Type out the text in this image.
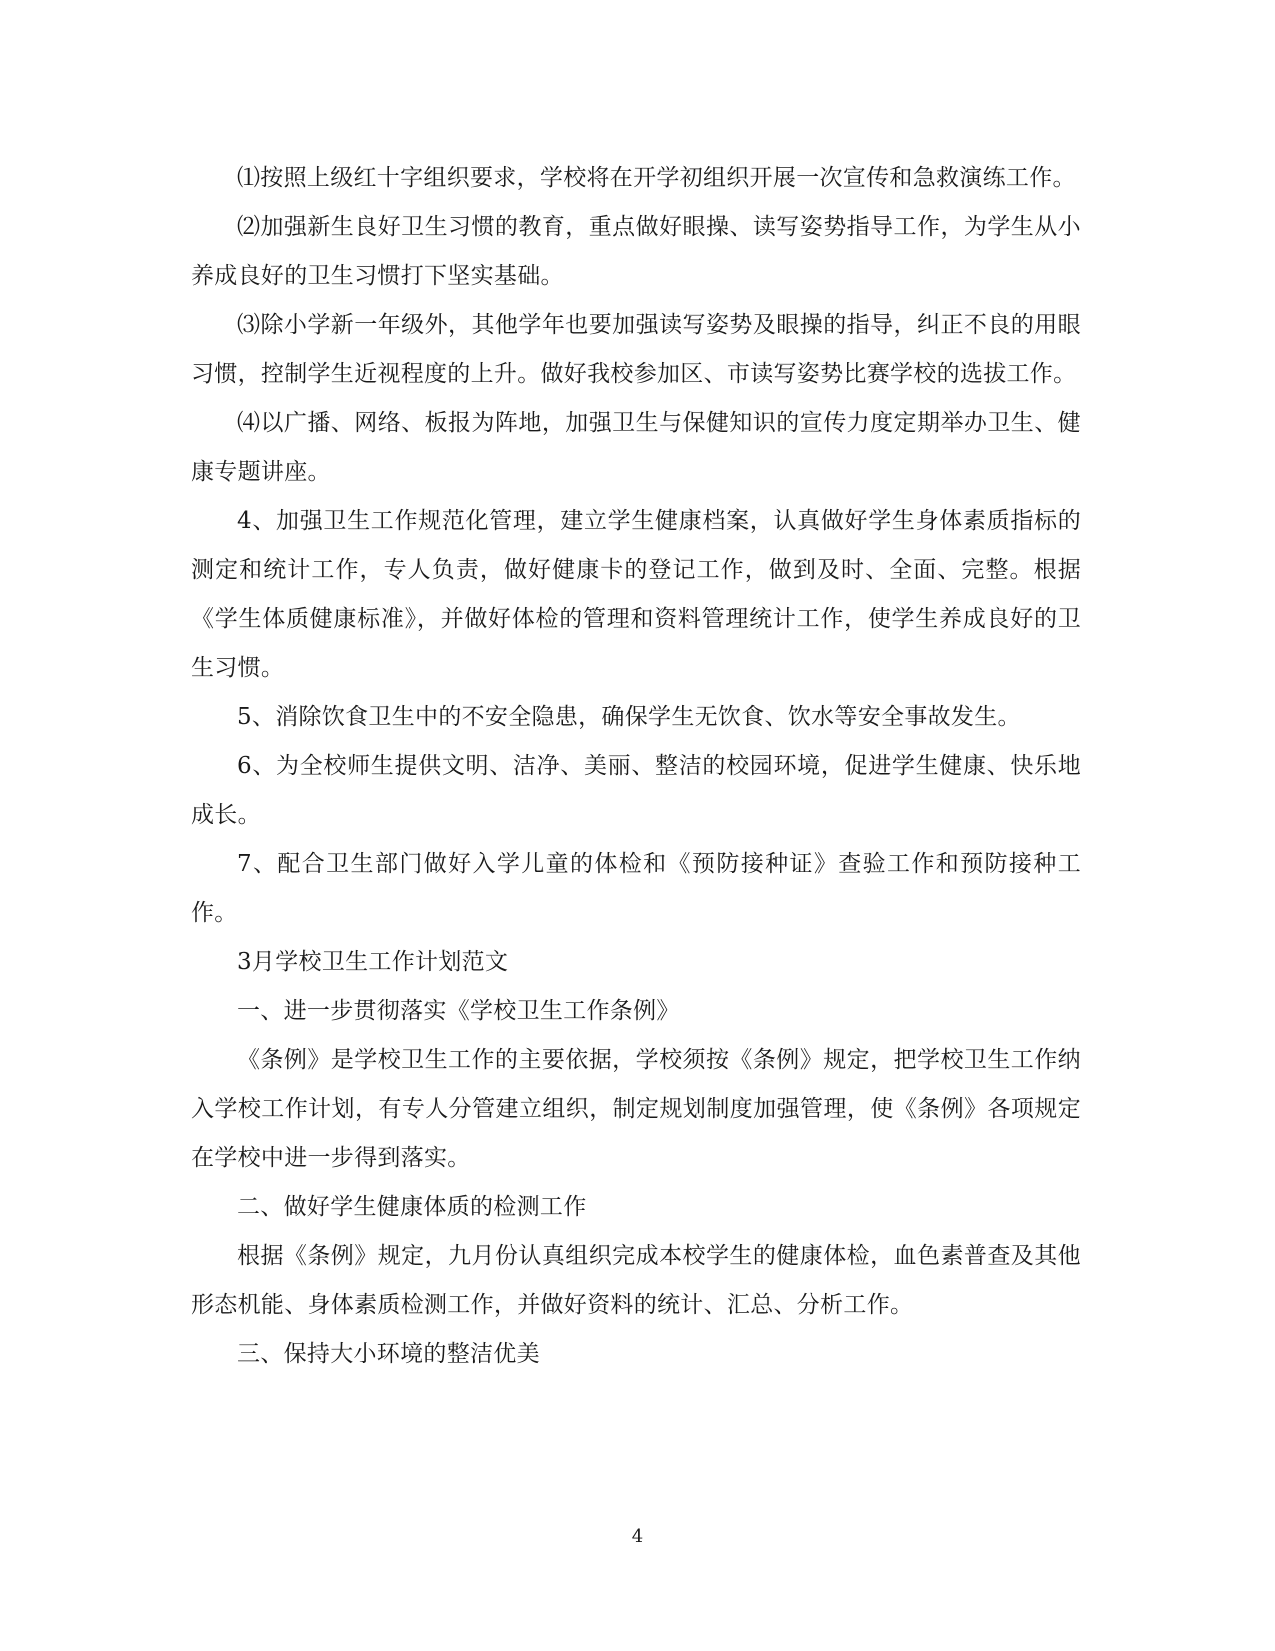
⑴按照上级红十字组织要求，学校将在开学初组织开展一次宣传和急救演练工作。

⑵加强新生良好卫生习惯的教育，重点做好眼操、读写姿势指导工作，为学生从小养成良好的卫生习惯打下坚实基础。

⑶除小学新一年级外，其他学年也要加强读写姿势及眼操的指导，纠正不良的用眼习惯，控制学生近视程度的上升。做好我校参加区、市读写姿势比赛学校的选拔工作。

⑷以广播、网络、板报为阵地，加强卫生与保健知识的宣传力度定期举办卫生、健康专题讲座。

4、加强卫生工作规范化管理，建立学生健康档案，认真做好学生身体素质指标的测定和统计工作，专人负责，做好健康卡的登记工作，做到及时、全面、完整。根据《学生体质健康标准》，并做好体检的管理和资料管理统计工作，使学生养成良好的卫生习惯。

5、消除饮食卫生中的不安全隐患，确保学生无饮食、饮水等安全事故发生。

6、为全校师生提供文明、洁净、美丽、整洁的校园环境，促进学生健康、快乐地成长。

7、配合卫生部门做好入学儿童的体检和《预防接种证》查验工作和预防接种工作。

3月学校卫生工作计划范文

一、进一步贯彻落实《学校卫生工作条例》

《条例》是学校卫生工作的主要依据，学校须按《条例》规定，把学校卫生工作纳入学校工作计划，有专人分管建立组织，制定规划制度加强管理，使《条例》各项规定在学校中进一步得到落实。

二、做好学生健康体质的检测工作

根据《条例》规定，九月份认真组织完成本校学生的健康体检，血色素普查及其他形态机能、身体素质检测工作，并做好资料的统计、汇总、分析工作。

三、保持大小环境的整洁优美

4
